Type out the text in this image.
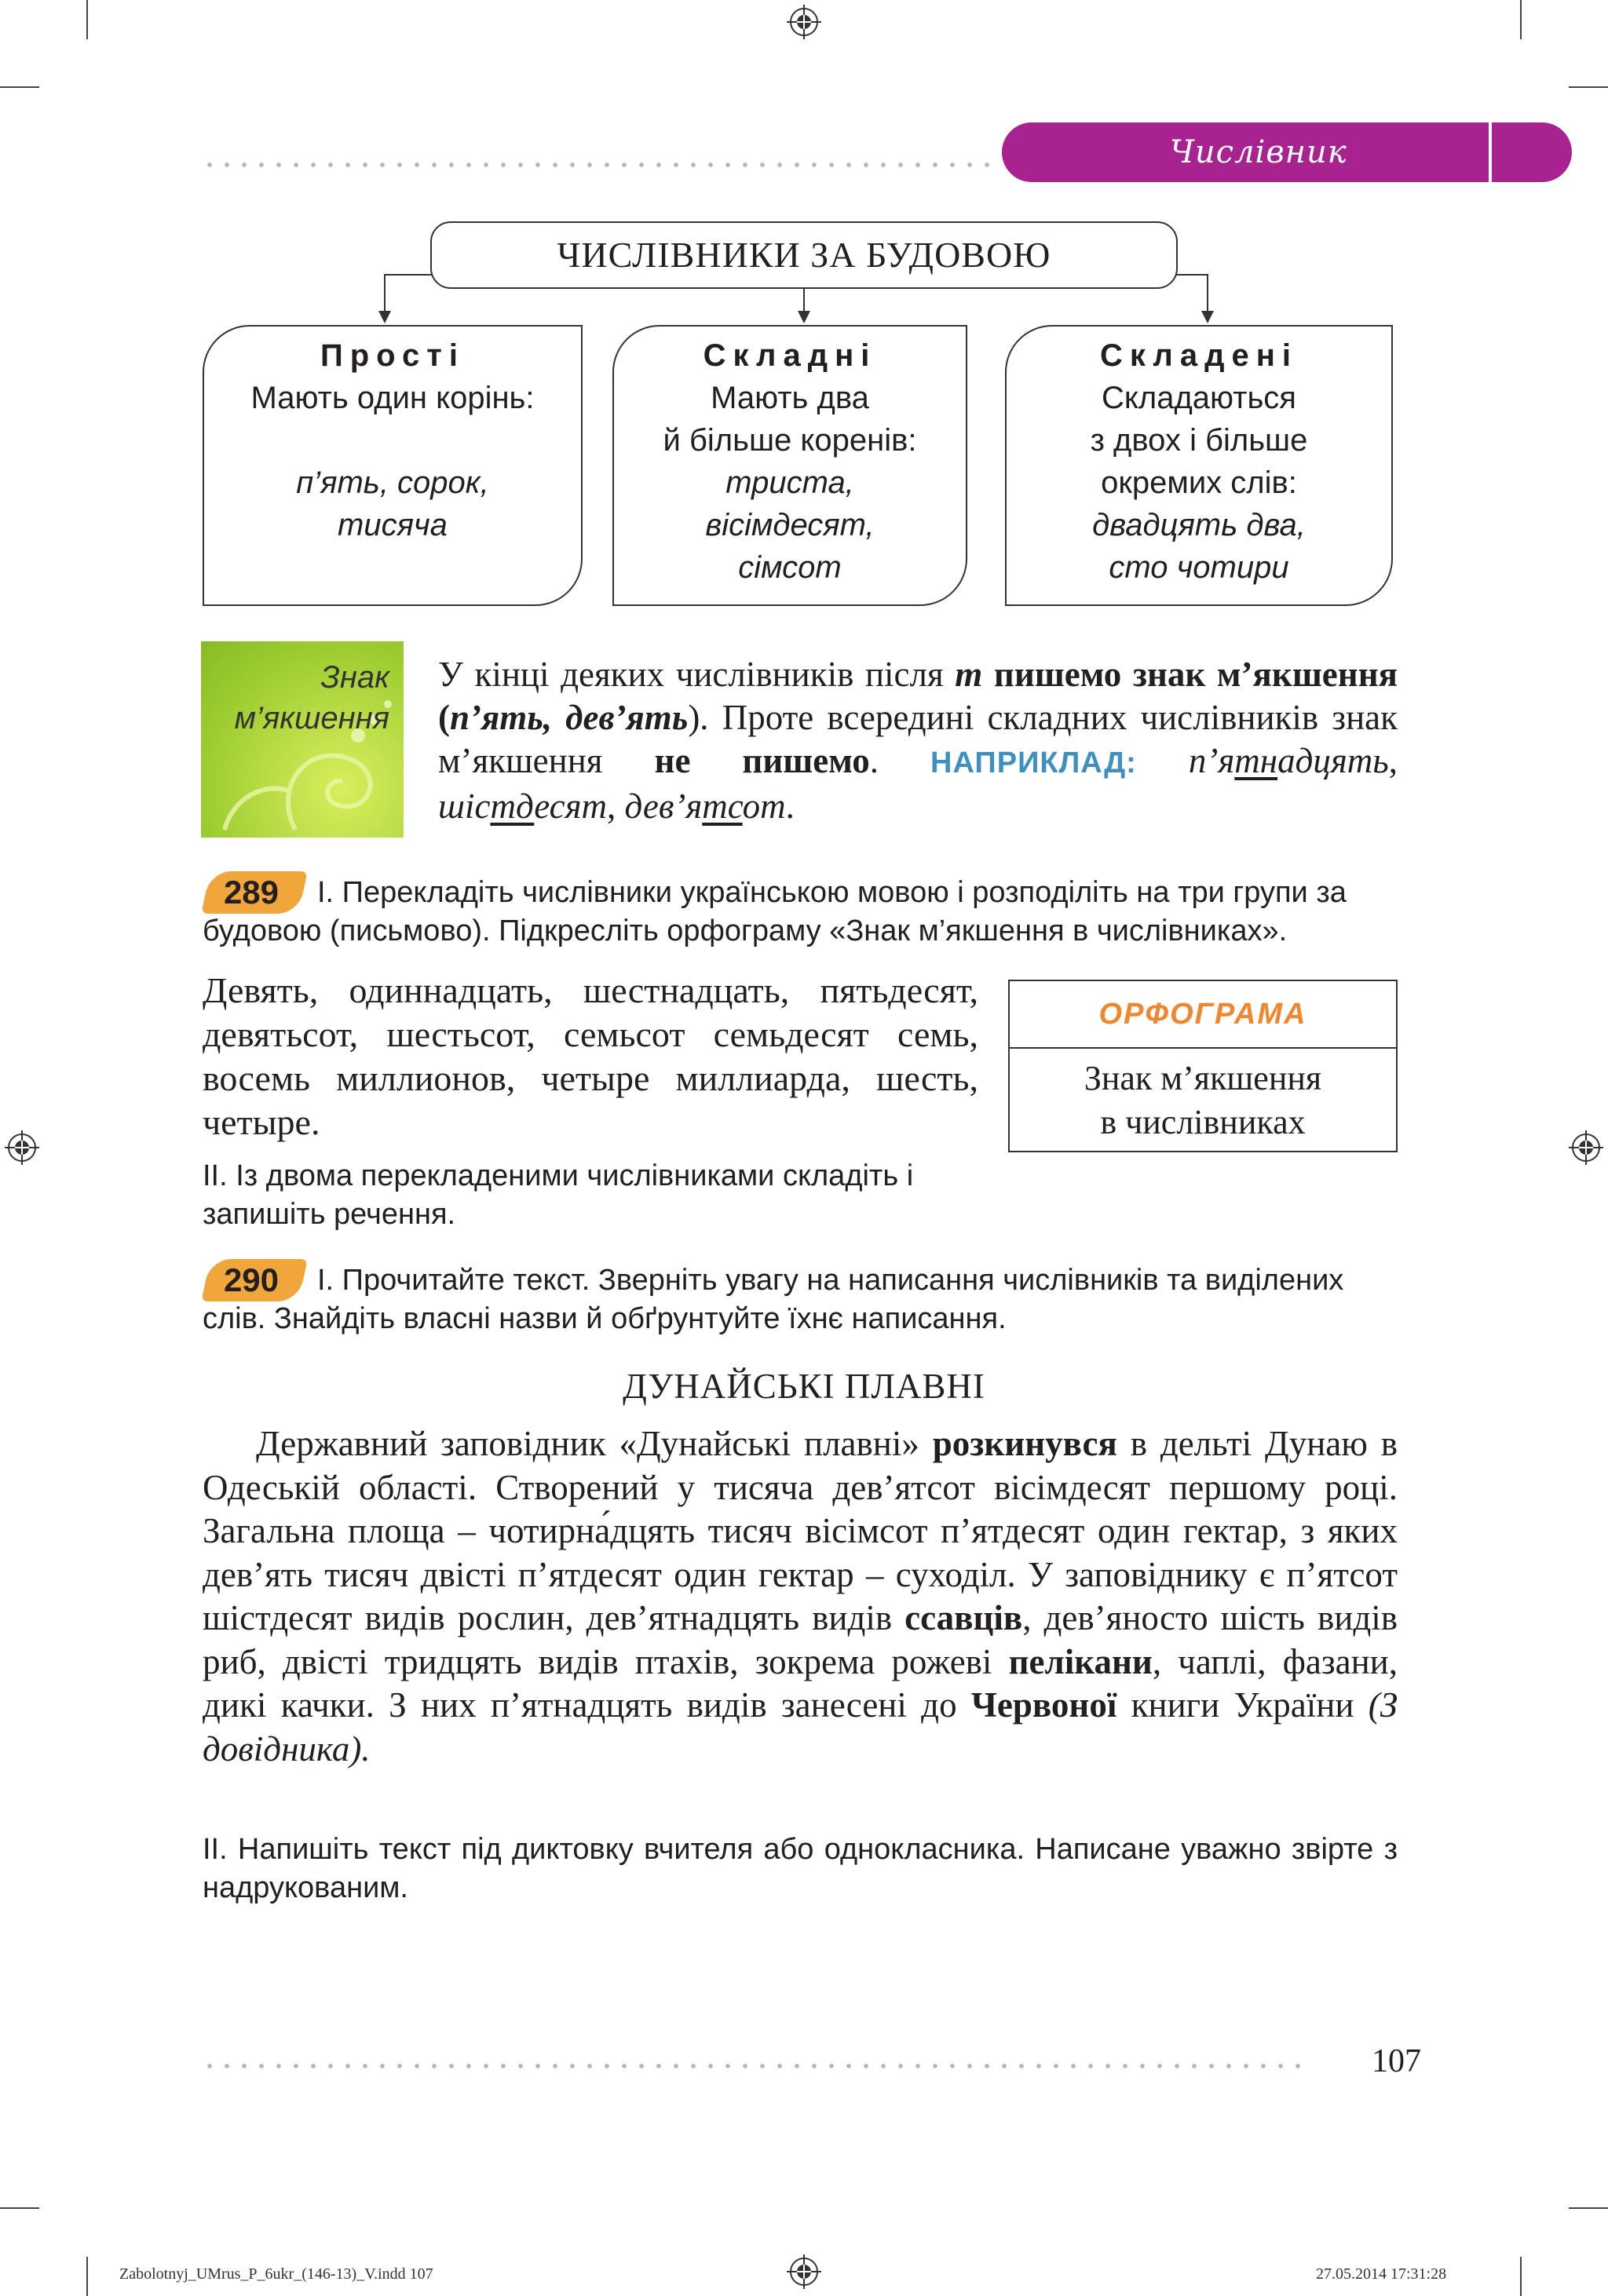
Числівник
ЧИСЛІВНИКИ ЗА БУДОВОЮ
Прості
Мають один корінь:
п’ять, сорок,
тисяча
Складні
Мають два
й більше коренів:
триста,
вісімдесят,
сімсот
Складені
Складаються
з двох і більше
окремих слів:
двадцять два,
сто чотири
Знак
м’якшення
У кінці деяких числівників після т пишемо знак м’якшення (п’ять, дев’ять). Проте всередині складних числівників знак м’якшення не пишемо. НАПРИКЛАД: п’ятнадцять, шістдесят, дев’ятсот.
289	І. Перекладіть числівники українською мовою і розподіліть на три групи за будовою (письмово). Підкресліть орфограму «Знак м’якшення в числівниках».
Девять, одиннадцать, шестнадцать, пятьдесят, девятьсот, шестьсот, семьсот семьдесят семь, восемь миллионов, четыре миллиарда, шесть, четыре.
ОРФОГРАМА
Знак м’якшення
в числівниках
ІІ. Із двома перекладеними числівниками складіть і запишіть речення.
290	І. Прочитайте текст. Зверніть увагу на написання числівників та виділених слів. Знайдіть власні назви й обґрунтуйте їхнє написання.
ДУНАЙСЬКІ ПЛАВНІ
Державний заповідник «Дунайські плавні» розкинувся в дельті Дунаю в Одеській області. Створений у тисяча дев’ятсот вісімдесят першому році. Загальна площа – чотирна́дцять тисяч вісімсот п’ятдесят один гектар, з яких дев’ять тисяч двісті п’ятдесят один гектар – суходіл. У заповіднику є п’ятсот шістдесят видів рослин, дев’ятнадцять видів ссавців, дев’яносто шість видів риб, двісті тридцять видів птахів, зокрема рожеві пелікани, чаплі, фазани, дикі качки. З них п’ятнадцять видів занесені до Червоної книги України (З довідника).
ІІ. Напишіть текст під диктовку вчителя або однокласника. Написане уважно звірте з надрукованим.
107
Zabolotnyj_UMrus_P_6ukr_(146-13)_V.indd 107	27.05.2014 17:31:28
